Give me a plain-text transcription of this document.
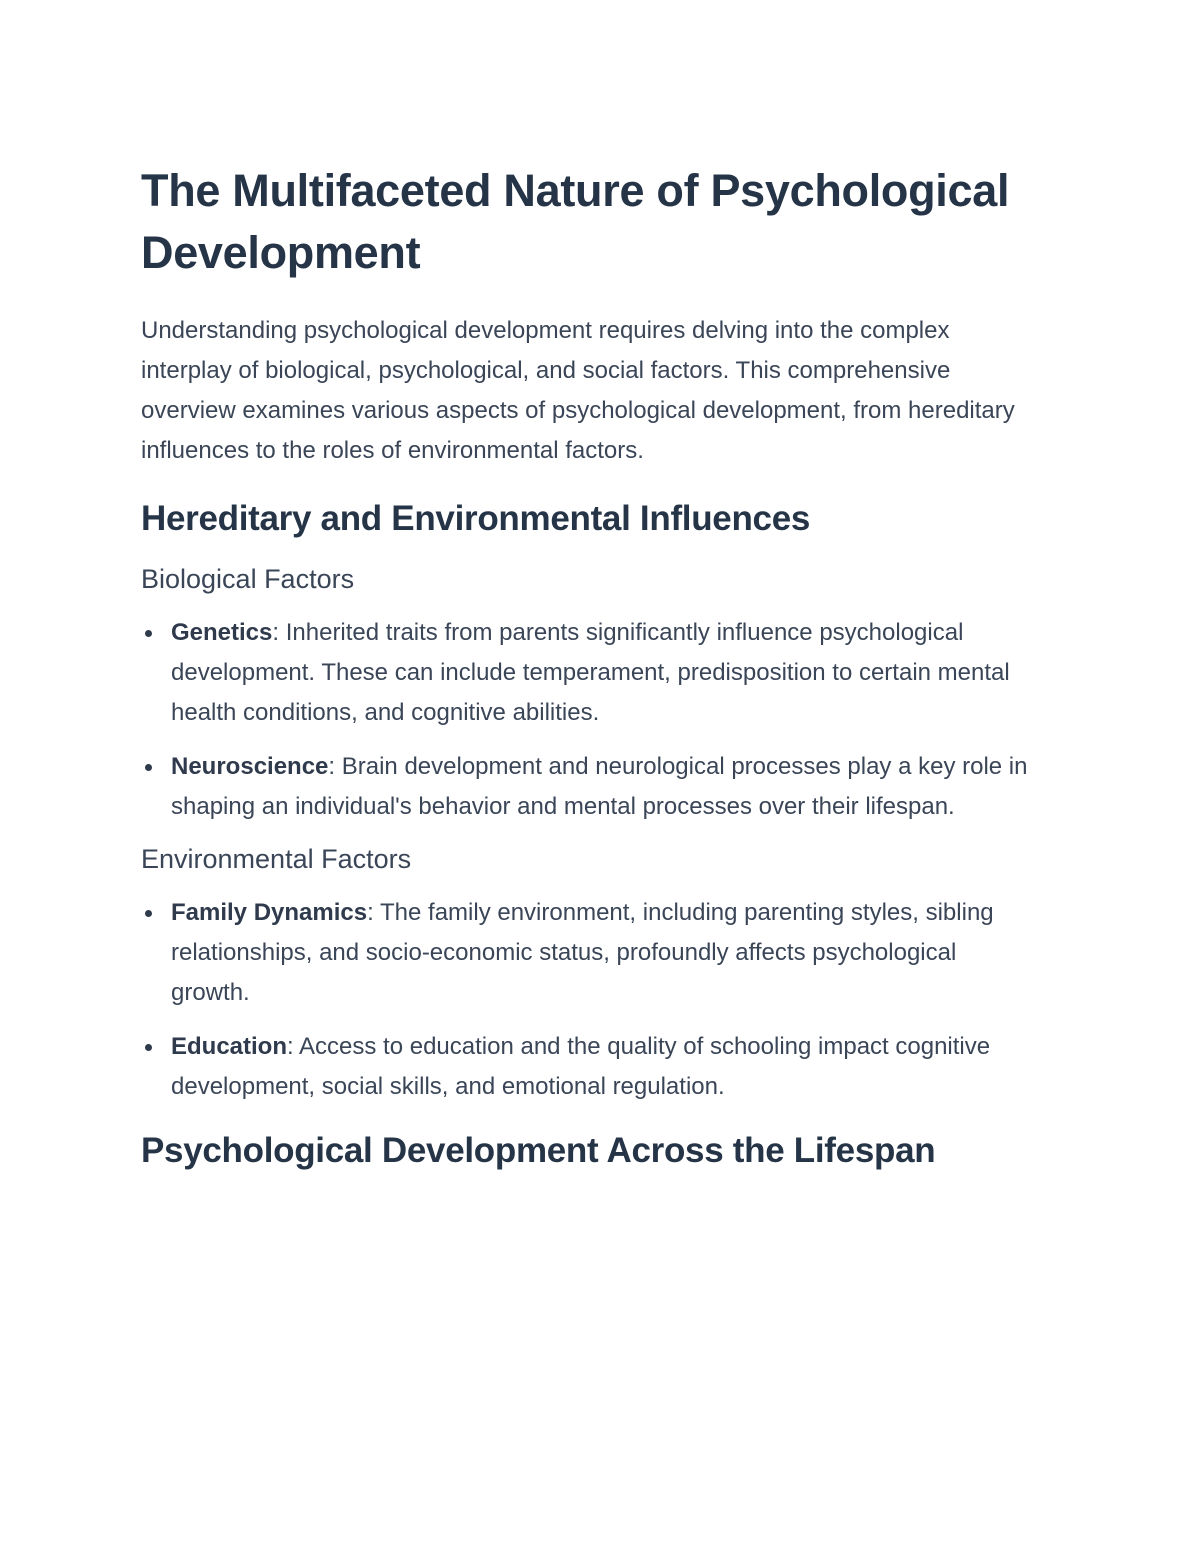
The Multifaceted Nature of Psychological Development

Understanding psychological development requires delving into the complex interplay of biological, psychological, and social factors. This comprehensive overview examines various aspects of psychological development, from hereditary influences to the roles of environmental factors.

Hereditary and Environmental Influences
Biological Factors
Genetics: Inherited traits from parents significantly influence psychological development. These can include temperament, predisposition to certain mental health conditions, and cognitive abilities.
Neuroscience: Brain development and neurological processes play a key role in shaping an individual's behavior and mental processes over their lifespan.
Environmental Factors
Family Dynamics: The family environment, including parenting styles, sibling relationships, and socio-economic status, profoundly affects psychological growth.
Education: Access to education and the quality of schooling impact cognitive development, social skills, and emotional regulation.
Psychological Development Across the Lifespan
